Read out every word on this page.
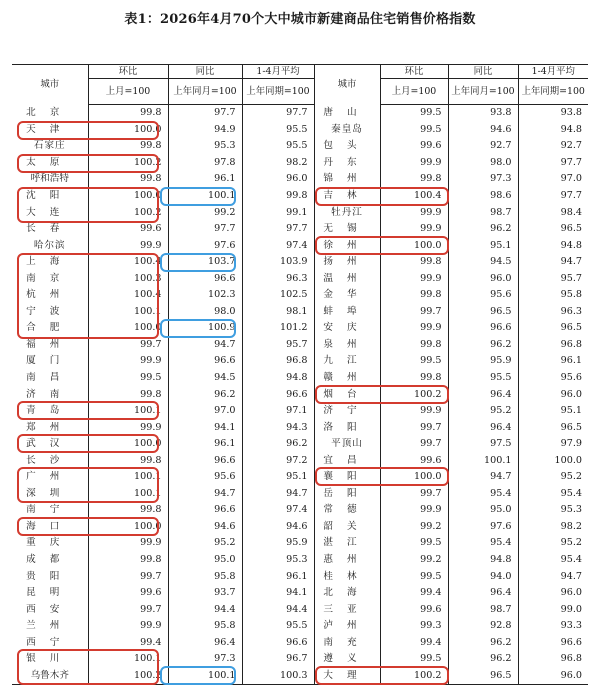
表1：2026年4月70个大中城市新建商品住宅销售价格指数
城市	环比	同比	1-4月平均	城市	环比	同比	1-4月平均
	上月=100	上年同月=100	上年同期=100		上月=100	上年同月=100	上年同期=100
北京	99.8	97.7	97.7	唐山	99.5	93.8	93.8
天津	100.0	94.9	95.5	秦皇岛	99.5	94.6	94.8
石家庄	99.8	95.3	95.5	包头	99.6	92.7	92.7
太原	100.2	97.8	98.2	丹东	99.9	98.0	97.7
呼和浩特	99.8	96.1	96.0	锦州	99.8	97.3	97.0
沈阳	100.0	100.1	99.8	吉林	100.4	98.6	97.7
大连	100.2	99.2	99.1	牡丹江	99.9	98.7	98.4
长春	99.6	97.7	97.7	无锡	99.9	96.2	96.5
哈尔滨	99.9	97.6	97.4	徐州	100.0	95.1	94.8
上海	100.4	103.7	103.9	扬州	99.8	94.5	94.7
南京	100.3	96.6	96.3	温州	99.9	96.0	95.7
杭州	100.4	102.3	102.5	金华	99.8	95.6	95.8
宁波	100.1	98.0	98.1	蚌埠	99.7	96.5	96.3
合肥	100.0	100.9	101.2	安庆	99.9	96.6	96.5
福州	99.7	94.7	95.7	泉州	99.8	96.2	96.8
厦门	99.9	96.6	96.8	九江	99.5	95.9	96.1
南昌	99.5	94.5	94.8	赣州	99.8	95.5	95.6
济南	99.8	96.2	96.6	烟台	100.2	96.4	96.0
青岛	100.1	97.0	97.1	济宁	99.9	95.2	95.1
郑州	99.9	94.1	94.3	洛阳	99.7	96.4	96.5
武汉	100.0	96.1	96.2	平顶山	99.7	97.5	97.9
长沙	99.8	96.6	97.2	宜昌	99.6	100.1	100.0
广州	100.1	95.6	95.1	襄阳	100.0	94.7	95.2
深圳	100.1	94.7	94.7	岳阳	99.7	95.4	95.4
南宁	99.8	96.6	97.4	常德	99.9	95.0	95.3
海口	100.0	94.6	94.6	韶关	99.2	97.6	98.2
重庆	99.9	95.2	95.9	湛江	99.5	95.4	95.2
成都	99.8	95.0	95.3	惠州	99.2	94.8	95.4
贵阳	99.7	95.8	96.1	桂林	99.5	94.0	94.7
昆明	99.6	93.7	94.1	北海	99.4	96.4	96.0
西安	99.7	94.4	94.4	三亚	99.6	98.7	99.0
兰州	99.9	95.8	95.5	泸州	99.3	92.8	93.3
西宁	99.4	96.4	96.6	南充	99.4	96.2	96.6
银川	100.1	97.3	96.7	遵义	99.5	96.2	96.8
乌鲁木齐	100.2	100.1	100.3	大理	100.2	96.5	96.0
